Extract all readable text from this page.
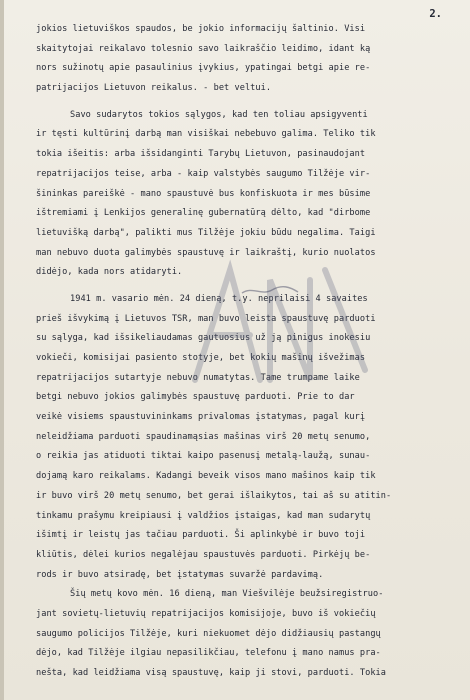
2.
jokios lietuviškos spaudos, be jokio informacijų šaltinio. Visi
skaitytojai reikalavo tolesnio savo laikraščio leidimo, idant ką
nors sužinotų apie pasaulinius įvykius, ypatingai betgi apie re-
patrijacijos Lietuvon reikalus. - bet veltui.
Savo sudarytos tokios sąlygos, kad ten toliau apsigyventi
ir tęsti kultūrinį darbą man visiškai nebebuvo galima. Teliko tik
tokia išeitis: arba išsidanginti Tarybų Lietuvon, pasinaudojant
repatrijacijos teise, arba - kaip valstybės saugumo Tilžėje vir-
šininkas pareiškė - mano spaustuvė bus konfiskuota ir mes būsime
ištremiami į Lenkijos generalinę gubernatūrą dėlto, kad "dirbome
lietuvišką darbą", palikti mus Tilžėje jokiu būdu negalima. Taigi
man nebuvo duota galimybės spaustuvę ir laikraštį, kurio nuolatos
didėjo, kada nors atidaryti.
1941 m. vasario mėn. 24 dieną, t.y. neprilaisi 4 savaites
prieš išvykimą į Lietuvos TSR, man buvo leista spaustuvę parduoti
su sąlyga, kad išsikeliaudamas gautuosius už ją pinigus inokesiu
vokieči, komisijai pasiento stotyje, bet kokių mašinų išvežimas
repatrijacijos sutartyje nebuvo numatytas. Tame trumpame laike
betgi nebuvo jokios galimybės spaustuvę parduoti. Prie to dar
veikė visiems spaustuvininkams privalomas įstatymas, pagal kurį
neleidžiama parduoti spaudinamąsias mašinas virš 20 metų senumo,
o reikia jas atiduoti tiktai kaipo pasenusį metalą-laužą, sunau-
dojamą karo reikalams. Kadangi beveik visos mano mašinos kaip tik
ir buvo virš 20 metų senumo, bet gerai išlaikytos, tai aš su atitin-
tinkamu prašymu kreipiausi į valdžios įstaigas, kad man sudarytų
išimtį ir leistų jas tačiau parduoti. Ši aplinkybė ir buvo toji
kliūtis, dėlei kurios negalėjau spaustuvės parduoti. Pirkėjų be-
rods ir buvo atsiradę, bet įstatymas suvaržė pardavimą.
Šių metų kovo mėn. 16 dieną, man Viešvilėje beužsiregistruo-
jant sovietų-lietuvių repatrijacijos komisijoje, buvo iš vokiečių
saugumo policijos Tilžėje, kuri niekuomet dėjo didžiausių pastangų
dėjo, kad Tilžėje ilgiau nepasilikčiau, telefonu į mano namus pra-
nešta, kad leidžiama visą spaustuvę, kaip ji stovi, parduoti. Tokia
